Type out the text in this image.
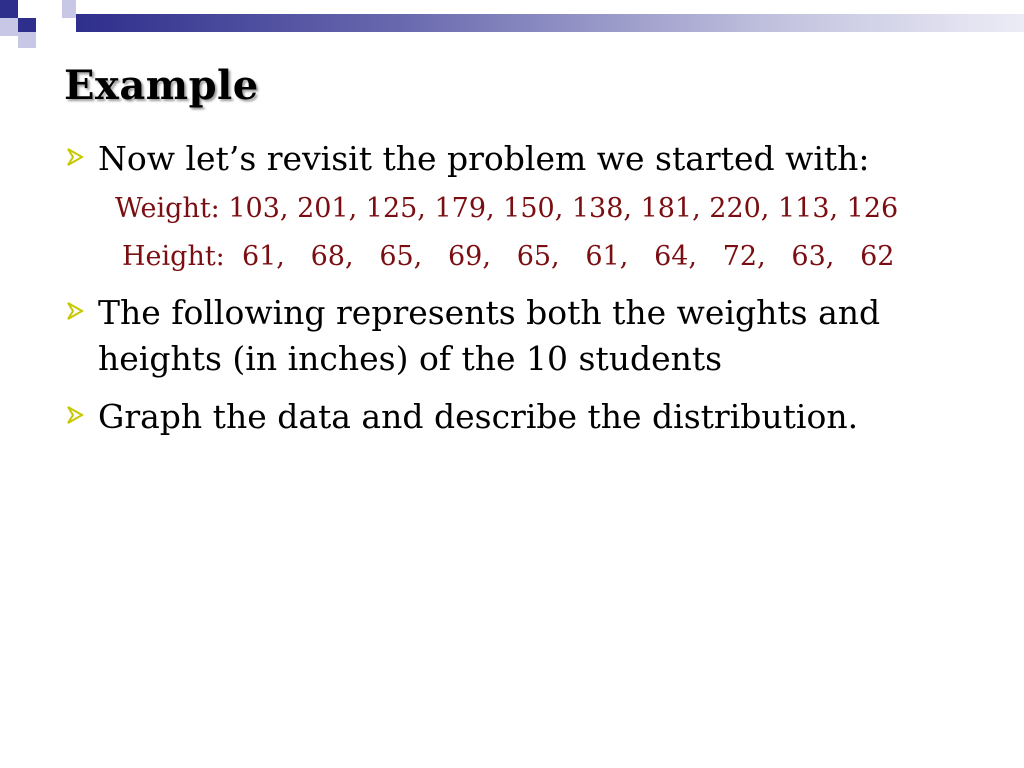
Example
Now let’s revisit the problem we started with:
Weight: 103, 201, 125, 179, 150, 138, 181, 220, 113, 126
Height:  61,   68,   65,   69,   65,   61,   64,   72,   63,   62
The following represents both the weights and heights (in inches) of the 10 students
Graph the data and describe the distribution.
